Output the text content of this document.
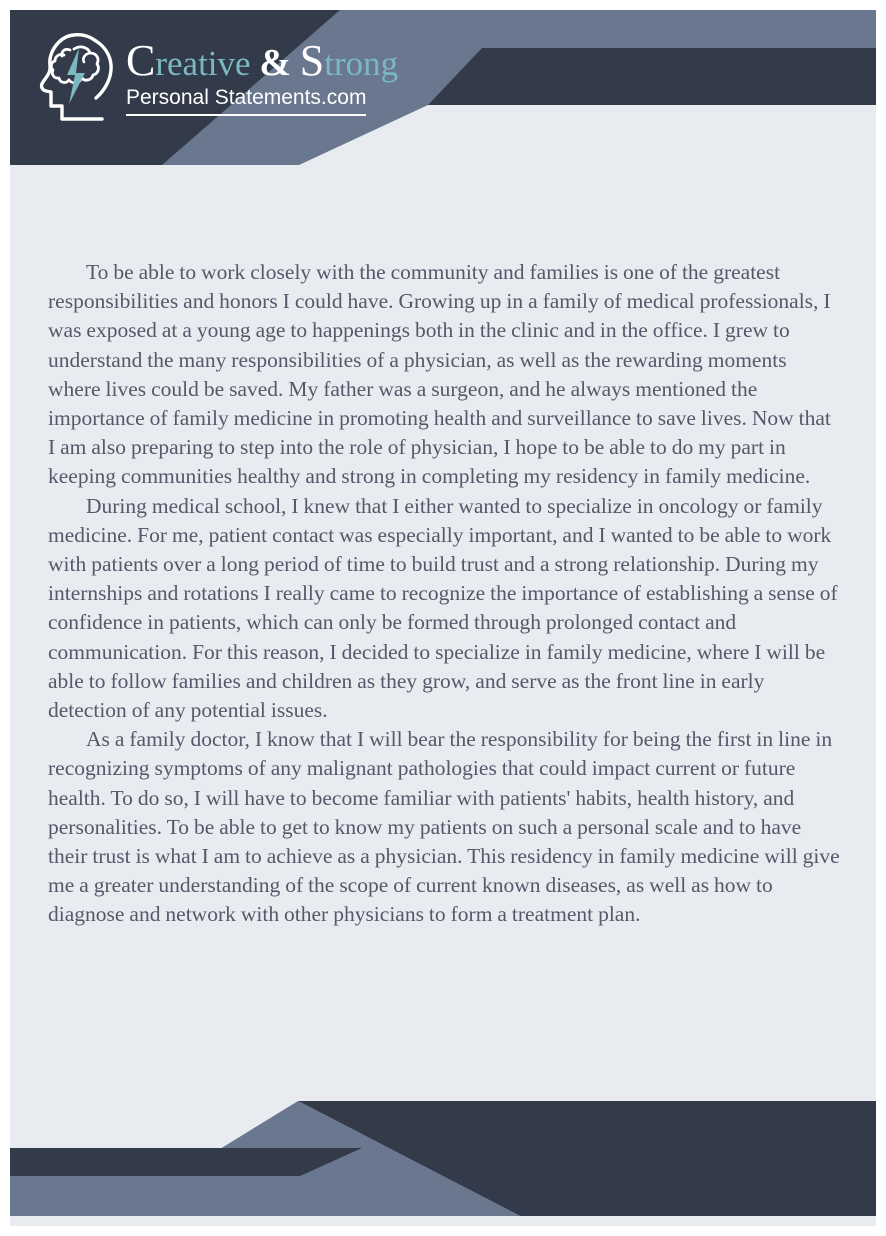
Creative & Strong
Personal Statements.com

To be able to work closely with the community and families is one of the greatest responsibilities and honors I could have. Growing up in a family of medical professionals, I was exposed at a young age to happenings both in the clinic and in the office. I grew to understand the many responsibilities of a physician, as well as the rewarding moments where lives could be saved. My father was a surgeon, and he always mentioned the importance of family medicine in promoting health and surveillance to save lives. Now that I am also preparing to step into the role of physician, I hope to be able to do my part in keeping communities healthy and strong in completing my residency in family medicine.

During medical school, I knew that I either wanted to specialize in oncology or family medicine. For me, patient contact was especially important, and I wanted to be able to work with patients over a long period of time to build trust and a strong relationship. During my internships and rotations I really came to recognize the importance of establishing a sense of confidence in patients, which can only be formed through prolonged contact and communication. For this reason, I decided to specialize in family medicine, where I will be able to follow families and children as they grow, and serve as the front line in early detection of any potential issues.

As a family doctor, I know that I will bear the responsibility for being the first in line in recognizing symptoms of any malignant pathologies that could impact current or future health. To do so, I will have to become familiar with patients' habits, health history, and personalities. To be able to get to know my patients on such a personal scale and to have their trust is what I am to achieve as a physician. This residency in family medicine will give me a greater understanding of the scope of current known diseases, as well as how to diagnose and network with other physicians to form a treatment plan.
